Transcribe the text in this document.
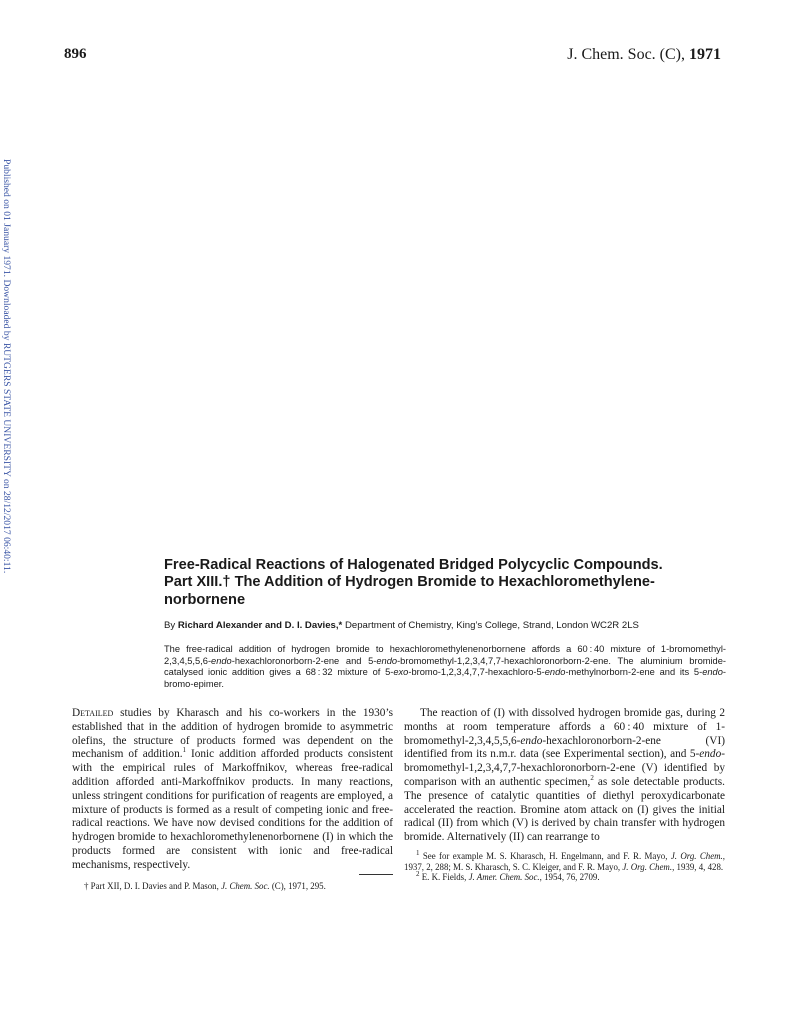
896	J. Chem. Soc. (C), 1971
Published on 01 January 1971. Downloaded by RUTGERS STATE UNIVERSITY on 28/12/2017 06:40:11.	Free-Radical Reactions of Halogenated Bridged Polycyclic Compounds.
Part XIII.† The Addition of Hydrogen Bromide to Hexachloromethylene-
norbornene
By Richard Alexander and D. I. Davies,* Department of Chemistry, King’s College, Strand, London WC2R 2LS
The free-radical addition of hydrogen bromide to hexachloromethylenenorbornene affords a 60 : 40 mixture of 1-bromomethyl-2,3,4,5,5,6-endo-hexachloronorborn-2-ene and 5-endo-bromomethyl-1,2,3,4,7,7-hexachloronorborn-2-ene. The aluminium bromide-catalysed ionic addition gives a 68 : 32 mixture of 5-exo-bromo-1,2,3,4,7,7-hexachloro-5-endo-methylnorborn-2-ene and its 5-endo-bromo-epimer.

Detailed studies by Kharasch and his co-workers in the 1930’s established that in the addition of hydrogen bromide to asymmetric olefins, the structure of products formed was dependent on the mechanism of addition.$^1$ Ionic addition afforded products consistent with the empirical rules of Markoffnikov, whereas free-radical addition afforded anti-Markoffnikov products. In many reactions, unless stringent conditions for purification of reagents are employed, a mixture of products is formed as a result of competing ionic and free-radical reactions. We have now devised conditions for the addition of hydrogen bromide to hexachloromethylenenorbornene (I) in which the products formed are consistent with ionic and free-radical mechanisms, respectively.

† Part XII, D. I. Davies and P. Mason, J. Chem. Soc. (C), 1971, 295.

The reaction of (I) with dissolved hydrogen bromide gas, during 2 months at room temperature affords a 60 : 40 mixture of 1-bromomethyl-2,3,4,5,5,6-endo-hexachloronorborn-2-ene (VI) identified from its n.m.r. data (see Experimental section), and 5-endo-bromomethyl-1,2,3,4,7,7-hexachloronorborn-2-ene (V) identified by comparison with an authentic specimen,$^2$ as sole detectable products. The presence of catalytic quantities of diethyl peroxydicarbonate accelerated the reaction. Bromine atom attack on (I) gives the initial radical (II) from which (V) is derived by chain transfer with hydrogen bromide. Alternatively (II) can rearrange to

$^1$ See for example M. S. Kharasch, H. Engelmann, and F. R. Mayo, J. Org. Chem., 1937, 2, 288; M. S. Kharasch, S. C. Kleiger, and F. R. Mayo, J. Org. Chem., 1939, 4, 428.

$^2$ E. K. Fields, J. Amer. Chem. Soc., 1954, 76, 2709.
